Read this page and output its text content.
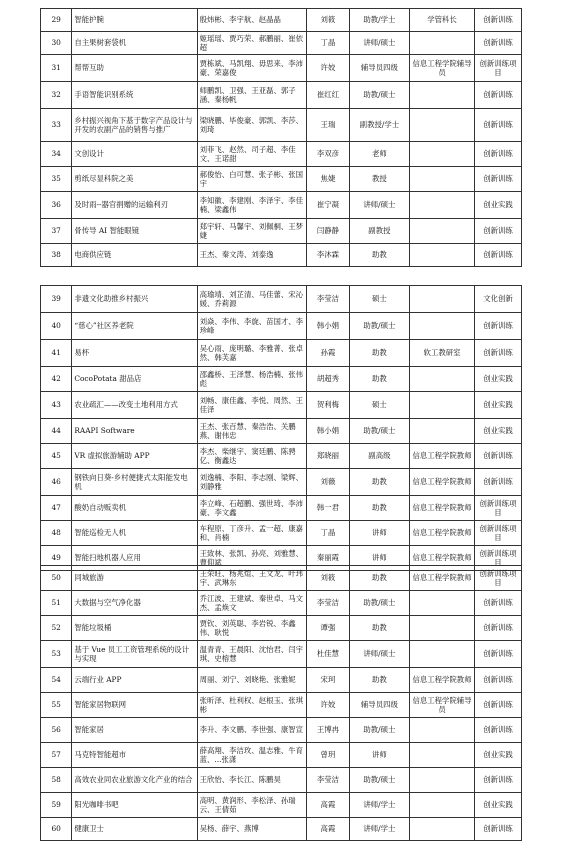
29	智能护腕	殷炜彬、李宇航、赵晶晶	刘筱	助教/学士	学管科长	创新训练
30	自主果树套袋机	姬瑶瑶、贾巧荣、郝鹏丽、崔依超	丁晶	讲师/硕士		创新训练
31	帮帮互助	贾栋斌、马凯翔、毋思来、李沛豪、荣嘉俊	许姣	辅导员四级	信息工程学院辅导员	创新训练项目
32	手语智能识别系统	师鹏凯、卫强、王亚磊、郭子涵、秦杨帆	崔红红	助教/硕士		创新训练
33	乡村振兴视角下基于数字产品设计与开发的农副产品的销售与推广	梁晓鹏、毕俊豪、郭凯、李莎、刘琦	王瑞	副教授/学士		创新训练
34	文创设计	刘菲飞、赵然、司子超、李佳文、王诺甜	李双彦	老师		创新训练
35	剪纸尽显科院之美	郝俊怡、白可慧、张子彬、张国宇	焦婕	教授		创新训练
36	及时雨--器官捐赠的运输利刃	李知徽、李建刚、李泽宇、李佳楠、梁鑫伟	崔宁凝	讲师/硕士		创业实践
37	骨传导 AI 智能眼镜	郑宇轩、马馨宇、刘佩桐、王梦婕	闫静静	副教授		创新训练
38	电商供应链	王杰、秦文涛、刘泰逸	李沐霖	助教		创新训练
39	非遗文化助推乡村振兴	高瑜靖、刘芷清、马佳蕾、宋沁媛、乔莉源	李莹洁	硕士		文化创新
40	“慈心”社区养老院	刘焱、李伟、李旋、苗国才、李珍峰	韩小娟	助教/硕士		创新训练
41	易杯	吴心雨、庞明璐、李雅菁、张卓然、韩芙嘉	孙霞	助教	软工教研室	创新训练
42	CocoPotata 甜品店	邵鑫桥、王泽慧、杨浩楠、张伟彪	胡超秀	助教		创业实践
43	农业疏汇——改变土地利用方式	刘畅、康佳鑫、李悦、周然、王佳泽	贺利梅	硕士		创业实践
44	RAAPI Software	王杰、张百慧、秦浩浩、关鹏燕、谢伟忠	韩小娟	助教/硕士		创业实践
45	VR 虚拟旅游辅助 APP	李杰、柴继宇、窦廷鹏、陈骋亿、衡鑫达	郑晓丽	副高级	信息工程学院教师	创新训练
46	钢铁向日葵-乡村便捷式太阳能发电机	刘逸楠、李阳、李志刚、梁辉、刘静雅	刘薇	助教	信息工程学院教师	创新训练
47	酸奶自动贩卖机	李立峰、石超鹏、强世琦、李沛豪、李文鑫	韩一君	助教	信息工程学院教师	创新训练项目
48	智能巡检无人机	车程原、丁彦升、孟一超、康嘉和、肖楠	丁晶	讲师	信息工程学院教师	创新训练项目
49	智能扫地机器人应用	王致林、张凯、孙亮、刘雅慧、曹仰斌	秦丽霞	讲师	信息工程学院教师	创新训练项目
50	同城旅游	王荣旺、杨兆煊、王文龙、叶玮宇、武琳东	刘筱	助教	信息工程学院教师	创新训练项目
51	大数据与空气净化器	乔江波、王建斌、秦世卓、马文杰、孟焕文	李莹洁	助教/硕士		创新训练
52	智能垃圾桶	贾钦、刘英聪、李岩锐、李鑫伟、耿悦	谭强	助教		创新训练
53	基于 Vue 员工工资管理系统的设计与实现	温青青、王晨阳、沈怡君、闫宇琪、史榕慧	杜佳慧	讲师/硕士		创新训练
54	云端行业 APP	周丽、刘宁、刘晓艳、张雅妮	宋珂	助教	信息工程学院教师	创新训练
55	智能家居物联网	张昕泽、杜利权、赵根玉、张琪彬	许姣	辅导员四级	信息工程学院辅导员	创新训练
56	智能家居	李升、李文鹏、李世强、康智宣	王博冉	助教/硕士		创新训练
57	马克特智能超市	薛高翔、李洁玫、温志雅、牛育蓝、...张潇	曾玥	讲师		创业实践
58	高效农业同农业旅游文化产业的结合	王欣怡、李长江、陈鹏昊	李莹洁	助教/硕士		创新训练
59	阳光咖啡书吧	高明、黄润形、李松泽、孙瑞云、王倩茹	高霞	讲师/学士		创业实践
60	健康卫士	吴杨、薛宇、燕博	高霞	讲师/学士		创新训练
